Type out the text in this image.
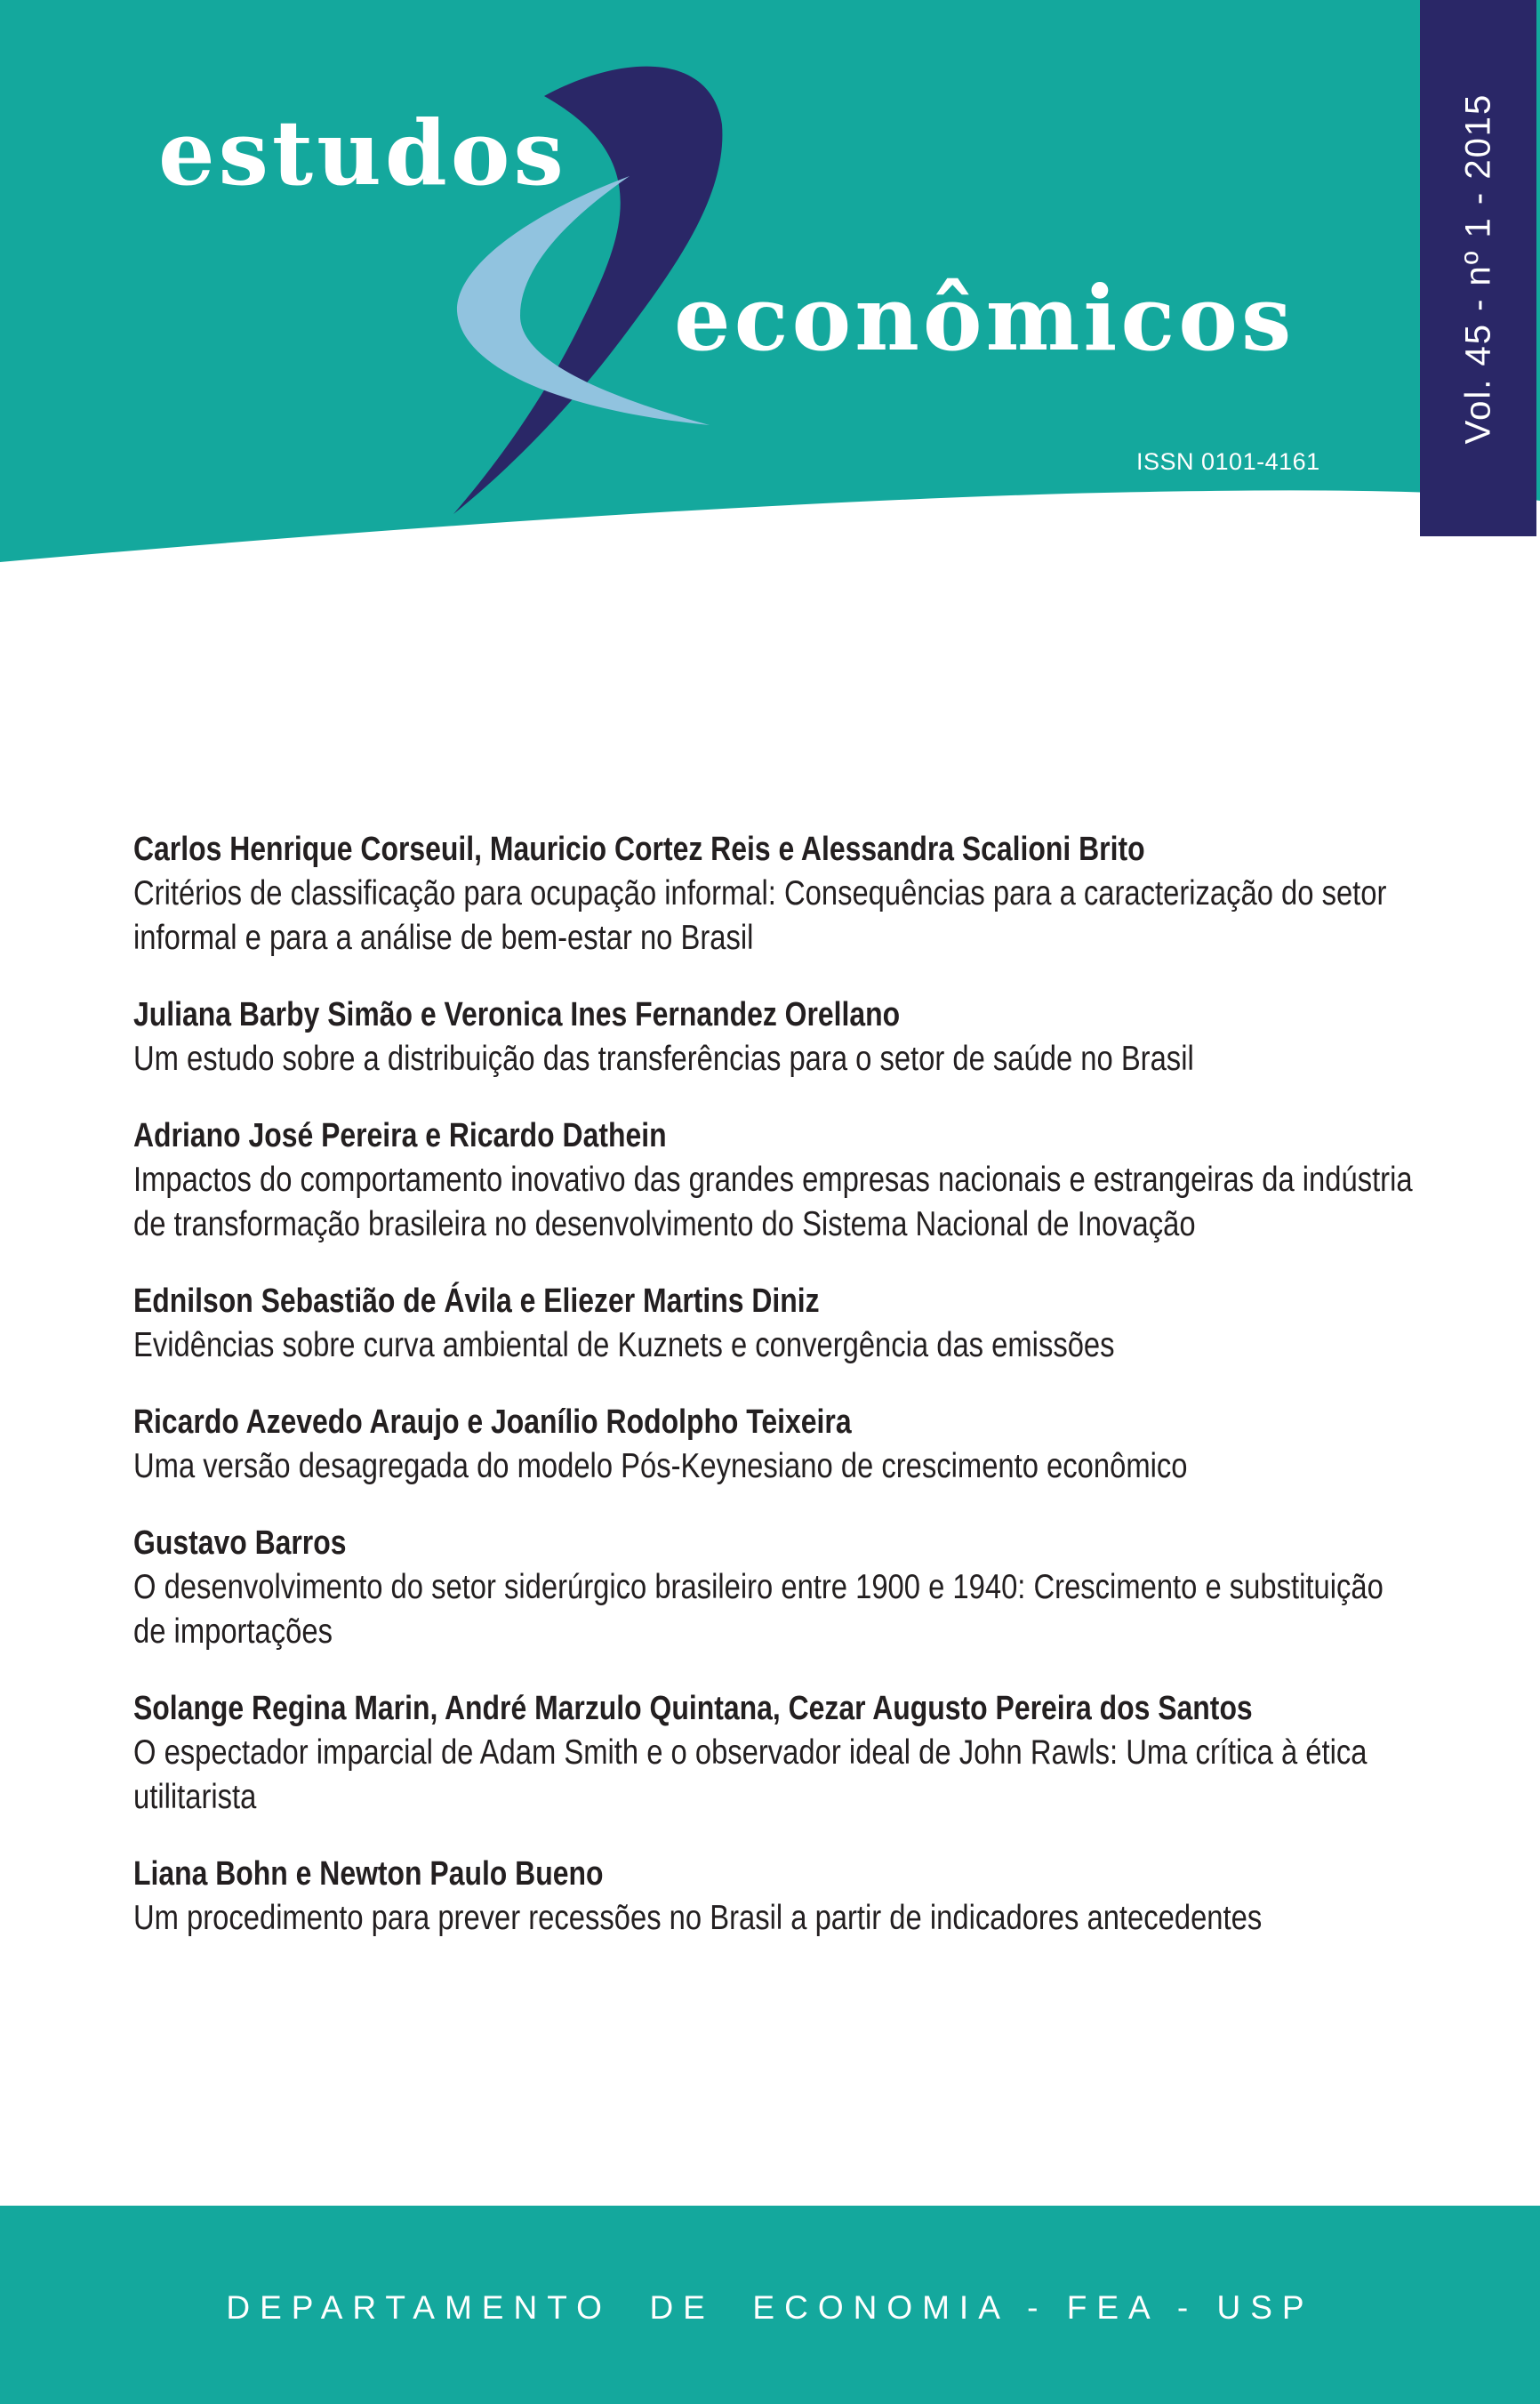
estudos
econômicos
ISSN 0101-4161
Vol. 45 - nº 1 - 2015

Carlos Henrique Corseuil, Mauricio Cortez Reis e Alessandra Scalioni Brito

Critérios de classificação para ocupação informal: Consequências para a caracterização do setor informal e para a análise de bem-estar no Brasil

Juliana Barby Simão e Veronica Ines Fernandez Orellano

Um estudo sobre a distribuição das transferências para o setor de saúde no Brasil

Adriano José Pereira e Ricardo Dathein

Impactos do comportamento inovativo das grandes empresas nacionais e estrangeiras da indústria de transformação brasileira no desenvolvimento do Sistema Nacional de Inovação

Ednilson Sebastião de Ávila e Eliezer Martins Diniz

Evidências sobre curva ambiental de Kuznets e convergência das emissões

Ricardo Azevedo Araujo e Joanílio Rodolpho Teixeira

Uma versão desagregada do modelo Pós-Keynesiano de crescimento econômico

Gustavo Barros

O desenvolvimento do setor siderúrgico brasileiro entre 1900 e 1940: Crescimento e substituição de importações

Solange Regina Marin, André Marzulo Quintana, Cezar Augusto Pereira dos Santos

O espectador imparcial de Adam Smith e o observador ideal de John Rawls: Uma crítica à ética utilitarista

Liana Bohn e Newton Paulo Bueno

Um procedimento para prever recessões no Brasil a partir de indicadores antecedentes

DEPARTAMENTO  DE  ECONOMIA - FEA - USP
